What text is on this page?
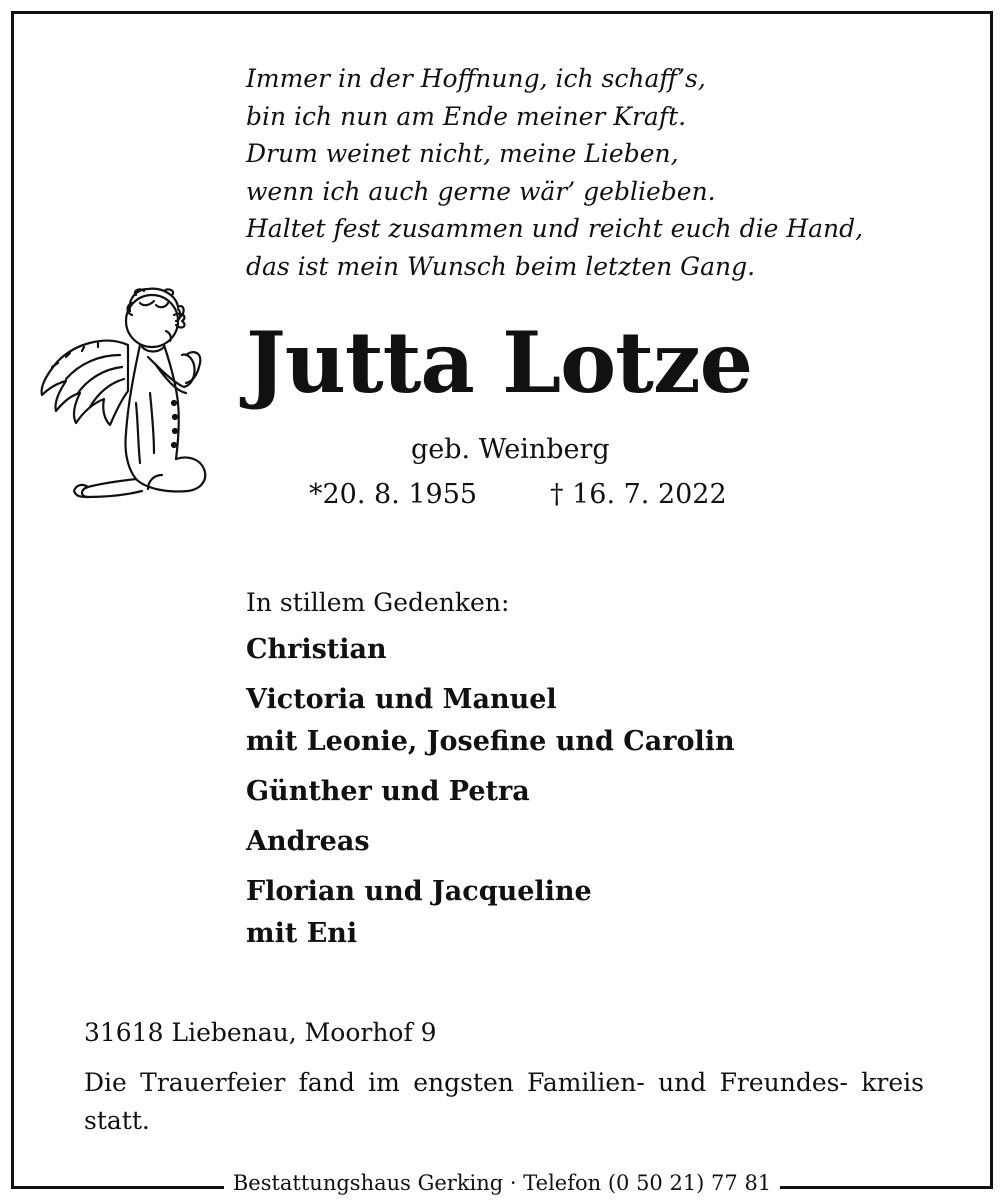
Immer in der Hoffnung, ich schaff’s,
bin ich nun am Ende meiner Kraft.
Drum weinet nicht, meine Lieben,
wenn ich auch gerne wär’ geblieben.
Haltet fest zusammen und reicht euch die Hand,
das ist mein Wunsch beim letzten Gang.
Jutta Lotze
geb. Weinberg
*20. 8. 1955	† 16. 7. 2022
In stillem Gedenken:
Christian
Victoria und Manuel
mit Leonie, Josefine und Carolin
Günther und Petra
Andreas
Florian und Jacqueline
mit Eni
31618 Liebenau, Moorhof 9
Die Trauerfeier fand im engsten Familien- und Freundes- kreis statt.
Bestattungshaus Gerking · Telefon (0 50 21) 77 81
